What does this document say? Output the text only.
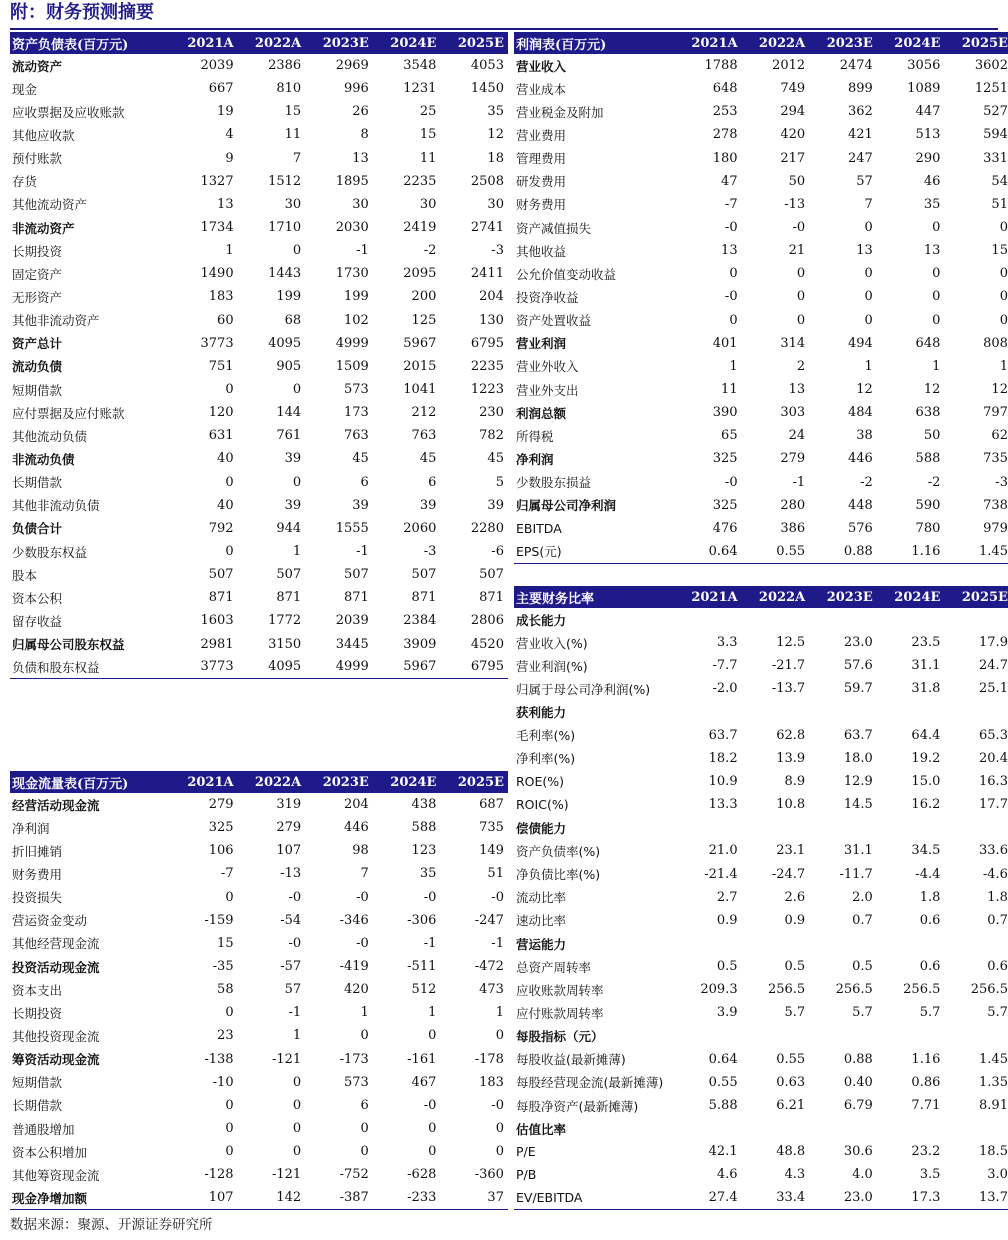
附：财务预测摘要
资产负债表(百万元)	2021A	2022A	2023E	2024E	2025E
流动资产	2039	2386	2969	3548	4053
现金	667	810	996	1231	1450
应收票据及应收账款	19	15	26	25	35
其他应收款	4	11	8	15	12
预付账款	9	7	13	11	18
存货	1327	1512	1895	2235	2508
其他流动资产	13	30	30	30	30
非流动资产	1734	1710	2030	2419	2741
长期投资	1	0	-1	-2	-3
固定资产	1490	1443	1730	2095	2411
无形资产	183	199	199	200	204
其他非流动资产	60	68	102	125	130
资产总计	3773	4095	4999	5967	6795
流动负债	751	905	1509	2015	2235
短期借款	0	0	573	1041	1223
应付票据及应付账款	120	144	173	212	230
其他流动负债	631	761	763	763	782
非流动负债	40	39	45	45	45
长期借款	0	0	6	6	5
其他非流动负债	40	39	39	39	39
负债合计	792	944	1555	2060	2280
少数股东权益	0	1	-1	-3	-6
股本	507	507	507	507	507
资本公积	871	871	871	871	871
留存收益	1603	1772	2039	2384	2806
归属母公司股东权益	2981	3150	3445	3909	4520
负债和股东权益	3773	4095	4999	5967	6795
利润表(百万元)	2021A	2022A	2023E	2024E	2025E
营业收入	1788	2012	2474	3056	3602
营业成本	648	749	899	1089	1251
营业税金及附加	253	294	362	447	527
营业费用	278	420	421	513	594
管理费用	180	217	247	290	331
研发费用	47	50	57	46	54
财务费用	-7	-13	7	35	51
资产减值损失	-0	-0	0	0	0
其他收益	13	21	13	13	15
公允价值变动收益	0	0	0	0	0
投资净收益	-0	0	0	0	0
资产处置收益	0	0	0	0	0
营业利润	401	314	494	648	808
营业外收入	1	2	1	1	1
营业外支出	11	13	12	12	12
利润总额	390	303	484	638	797
所得税	65	24	38	50	62
净利润	325	279	446	588	735
少数股东损益	-0	-1	-2	-2	-3
归属母公司净利润	325	280	448	590	738
EBITDA	476	386	576	780	979
EPS(元)	0.64	0.55	0.88	1.16	1.45
主要财务比率	2021A	2022A	2023E	2024E	2025E
成长能力					
营业收入(%)	3.3	12.5	23.0	23.5	17.9
营业利润(%)	-7.7	-21.7	57.6	31.1	24.7
归属于母公司净利润(%)	-2.0	-13.7	59.7	31.8	25.1
获利能力					
毛利率(%)	63.7	62.8	63.7	64.4	65.3
净利率(%)	18.2	13.9	18.0	19.2	20.4
ROE(%)	10.9	8.9	12.9	15.0	16.3
ROIC(%)	13.3	10.8	14.5	16.2	17.7
偿债能力					
资产负债率(%)	21.0	23.1	31.1	34.5	33.6
净负债比率(%)	-21.4	-24.7	-11.7	-4.4	-4.6
流动比率	2.7	2.6	2.0	1.8	1.8
速动比率	0.9	0.9	0.7	0.6	0.7
营运能力					
总资产周转率	0.5	0.5	0.5	0.6	0.6
应收账款周转率	209.3	256.5	256.5	256.5	256.5
应付账款周转率	3.9	5.7	5.7	5.7	5.7
每股指标（元）					
每股收益(最新摊薄)	0.64	0.55	0.88	1.16	1.45
每股经营现金流(最新摊薄)	0.55	0.63	0.40	0.86	1.35
每股净资产(最新摊薄)	5.88	6.21	6.79	7.71	8.91
估值比率					
P/E	42.1	48.8	30.6	23.2	18.5
P/B	4.6	4.3	4.0	3.5	3.0
EV/EBITDA	27.4	33.4	23.0	17.3	13.7
现金流量表(百万元)	2021A	2022A	2023E	2024E	2025E
经营活动现金流	279	319	204	438	687
净利润	325	279	446	588	735
折旧摊销	106	107	98	123	149
财务费用	-7	-13	7	35	51
投资损失	0	-0	-0	-0	-0
营运资金变动	-159	-54	-346	-306	-247
其他经营现金流	15	-0	-0	-1	-1
投资活动现金流	-35	-57	-419	-511	-472
资本支出	58	57	420	512	473
长期投资	0	-1	1	1	1
其他投资现金流	23	1	0	0	0
筹资活动现金流	-138	-121	-173	-161	-178
短期借款	-10	0	573	467	183
长期借款	0	0	6	-0	-0
普通股增加	0	0	0	0	0
资本公积增加	0	0	0	0	0
其他筹资现金流	-128	-121	-752	-628	-360
现金净增加额	107	142	-387	-233	37
数据来源：聚源、开源证券研究所
